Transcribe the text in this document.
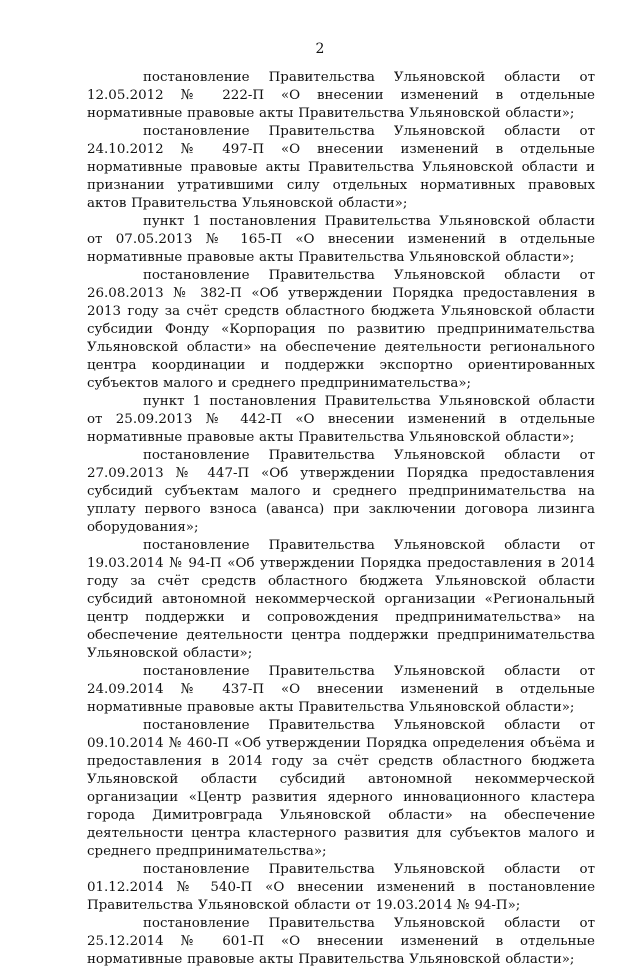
2

постановление Правительства Ульяновской области от 12.05.2012 № 222-П «О внесении изменений в отдельные нормативные правовые акты Правительства Ульяновской области»;

постановление Правительства Ульяновской области от 24.10.2012 № 497-П «О внесении изменений в отдельные нормативные правовые акты Правительства Ульяновской области и признании утратившими силу отдельных нормативных правовых актов Правительства Ульяновской области»;

пункт 1 постановления Правительства Ульяновской области от 07.05.2013 № 165-П «О внесении изменений в отдельные нормативные правовые акты Правительства Ульяновской области»;

постановление Правительства Ульяновской области от 26.08.2013 № 382-П «Об утверждении Порядка предоставления в 2013 году за счёт средств областного бюджета Ульяновской области субсидии Фонду «Корпорация по развитию предпринимательства Ульяновской области» на обеспечение деятельности регионального центра координации и поддержки экспортно ориентированных субъектов малого и среднего предпринимательства»;

пункт 1 постановления Правительства Ульяновской области от 25.09.2013 № 442-П «О внесении изменений в отдельные нормативные правовые акты Правительства Ульяновской области»;

постановление Правительства Ульяновской области от 27.09.2013 № 447-П «Об утверждении Порядка предоставления субсидий субъектам малого и среднего предпринимательства на уплату первого взноса (аванса) при заключении договора лизинга оборудования»;

постановление Правительства Ульяновской области от 19.03.2014 № 94-П «Об утверждении Порядка предоставления в 2014 году за счёт средств областного бюджета Ульяновской области субсидий автономной некоммерческой организации «Региональный центр поддержки и сопровождения предпринимательства» на обеспечение деятельности центра поддержки предпринимательства Ульяновской области»;

постановление Правительства Ульяновской области от 24.09.2014 № 437-П «О внесении изменений в отдельные нормативные правовые акты Правительства Ульяновской области»;

постановление Правительства Ульяновской области от 09.10.2014 № 460-П «Об утверждении Порядка определения объёма и предоставления в 2014 году за счёт средств областного бюджета Ульяновской области субсидий автономной некоммерческой организации «Центр развития ядерного инновационного кластера города Димитровграда Ульяновской области» на обеспечение деятельности центра кластерного развития для субъектов малого и среднего предпринимательства»;

постановление Правительства Ульяновской области от 01.12.2014 № 540-П «О внесении изменений в постановление Правительства Ульяновской области от 19.03.2014 № 94-П»;

постановление Правительства Ульяновской области от 25.12.2014 № 601-П «О внесении изменений в отдельные нормативные правовые акты Правительства Ульяновской области»;
